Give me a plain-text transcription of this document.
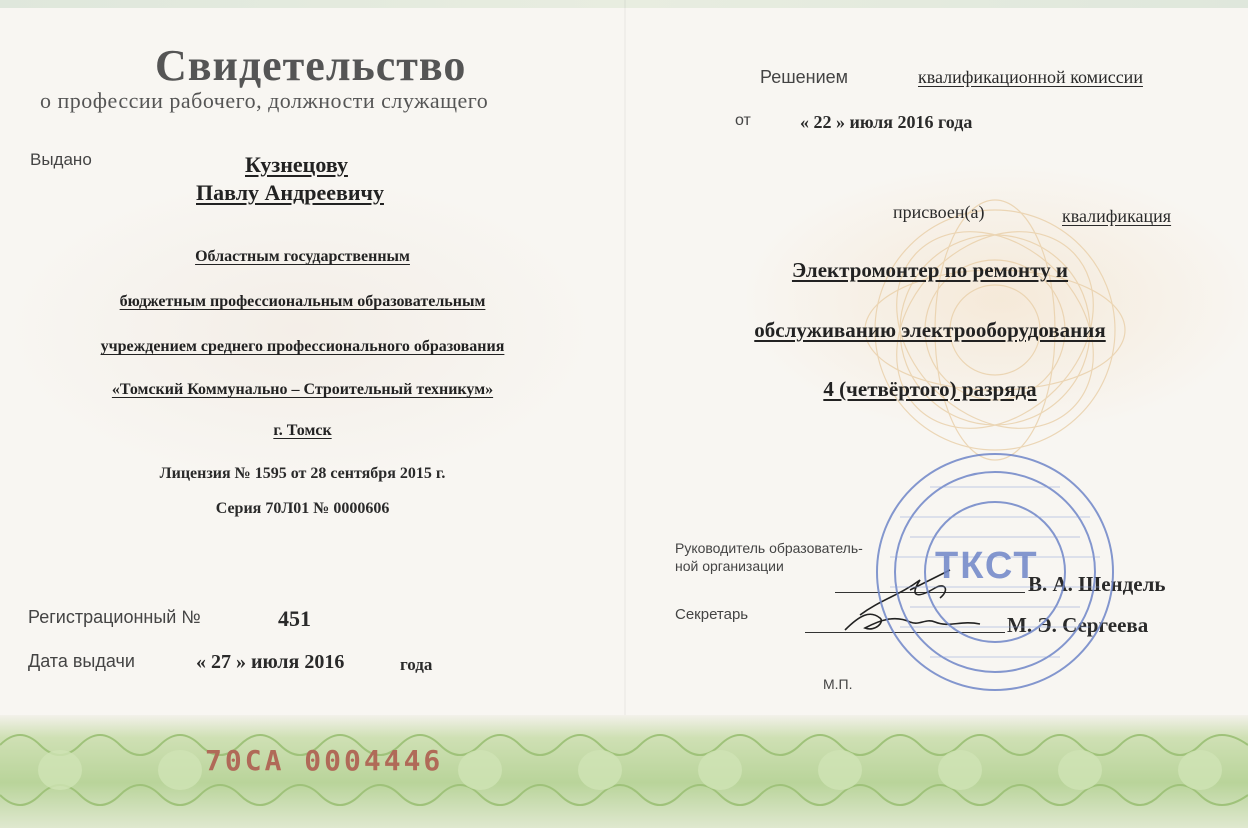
Свидетельство
о профессии рабочего, должности служащего
Выдано	Кузнецову
Павлу Андреевичу
Областным государственным
бюджетным профессиональным образовательным
учреждением среднего профессионального образования
«Томский Коммунально – Строительный техникум»
г. Томск
Лицензия № 1595 от 28 сентября 2015 г.
Серия 70Л01 № 0000606
Регистрационный №	451
Дата выдачи	« 27 » июля 2016	года
Решением	квалификационной комиссии
от	« 22 » июля 2016 года
присвоен(а)	квалификация
Электромонтер по ремонту и
обслуживанию электрооборудования
4 (четвёртого) разряда
Руководитель образователь-
ной организации
В. А. Шендель
Секретарь	М. Э. Сергеева
М.П.
ТКСТ
70СА 0004446
